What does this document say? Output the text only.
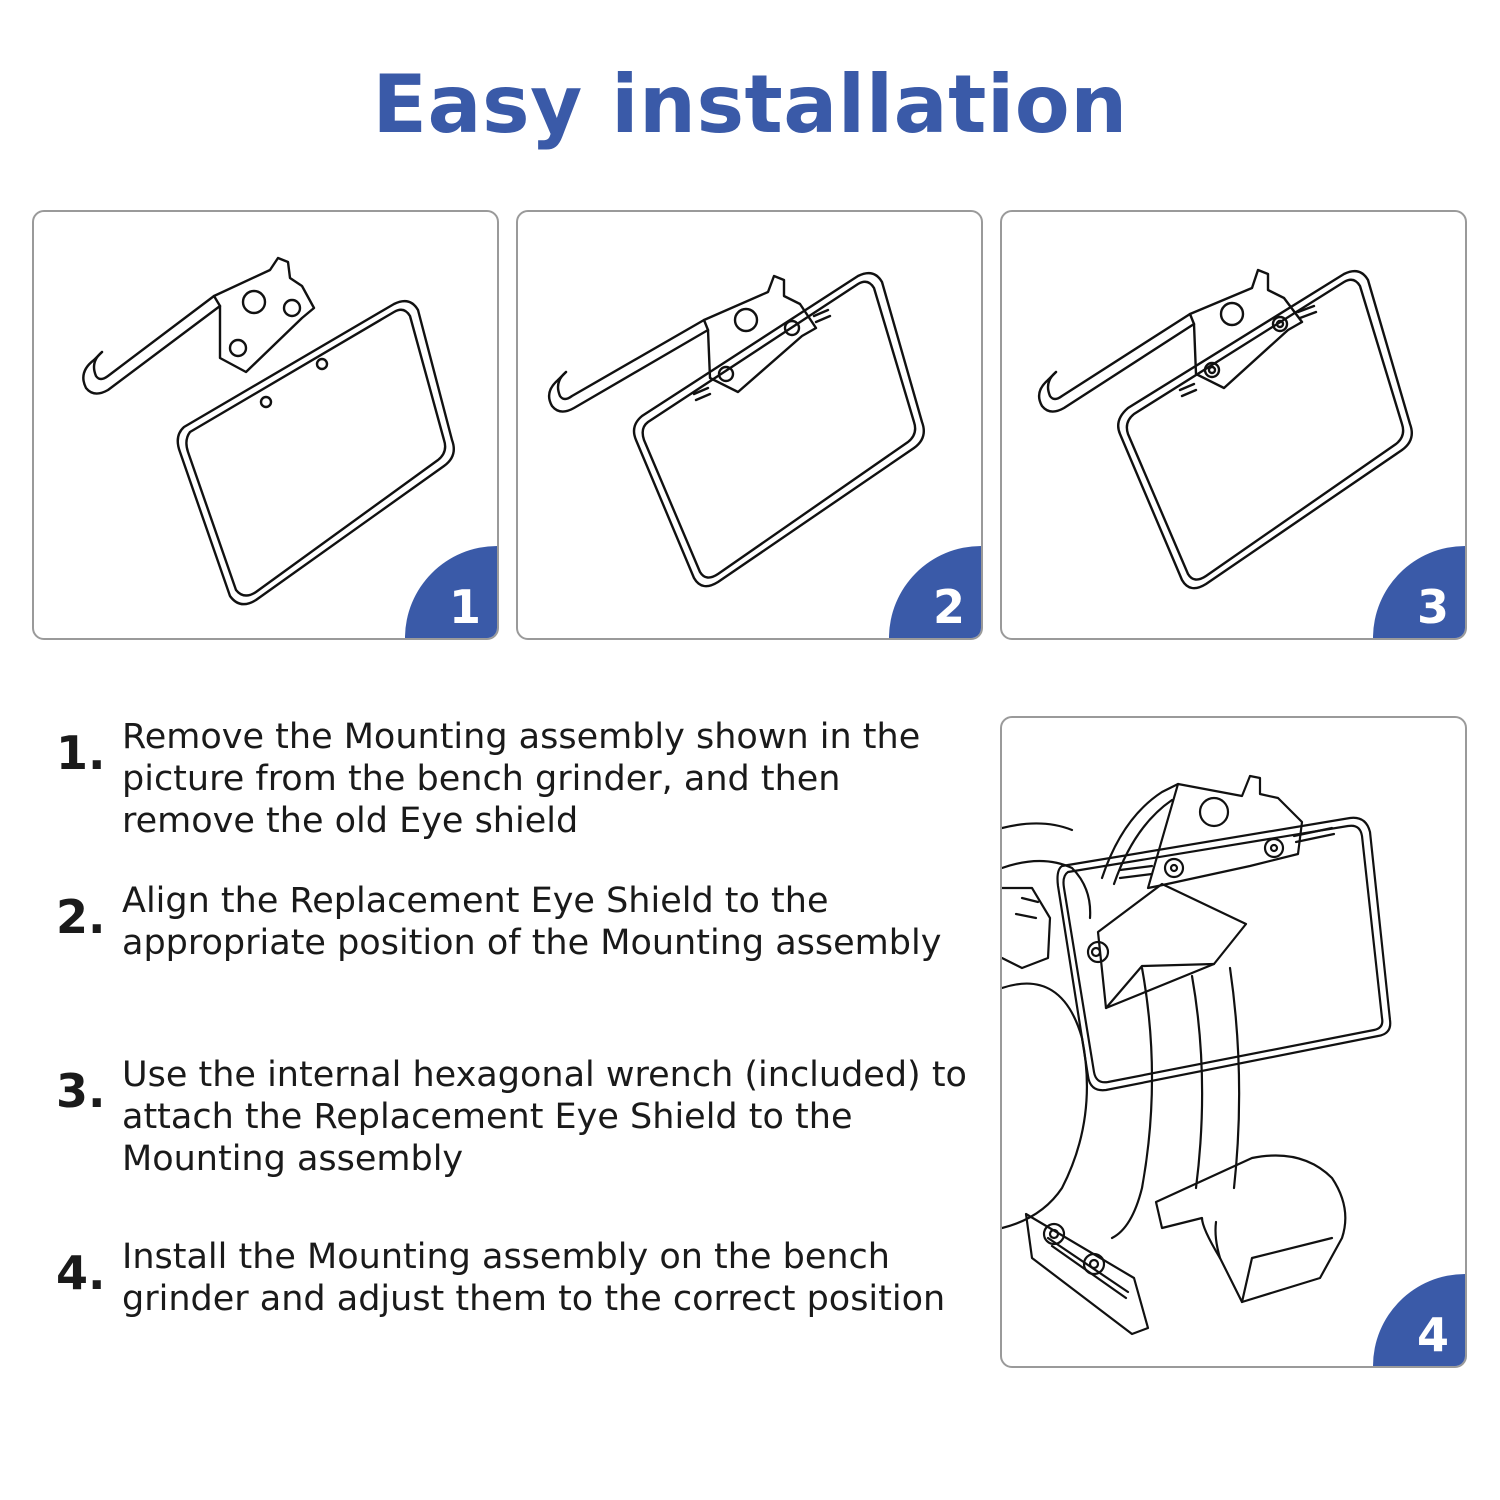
Easy installation
1	2	3
4
1. Remove the Mounting assembly shown in the picture from the bench grinder, and then remove the old Eye shield
2. Align the Replacement Eye Shield to the appropriate position of the Mounting assembly
3. Use the internal hexagonal wrench (included) to attach the Replacement Eye Shield to the Mounting assembly
4. Install the Mounting assembly on the bench grinder and adjust them to the correct position
